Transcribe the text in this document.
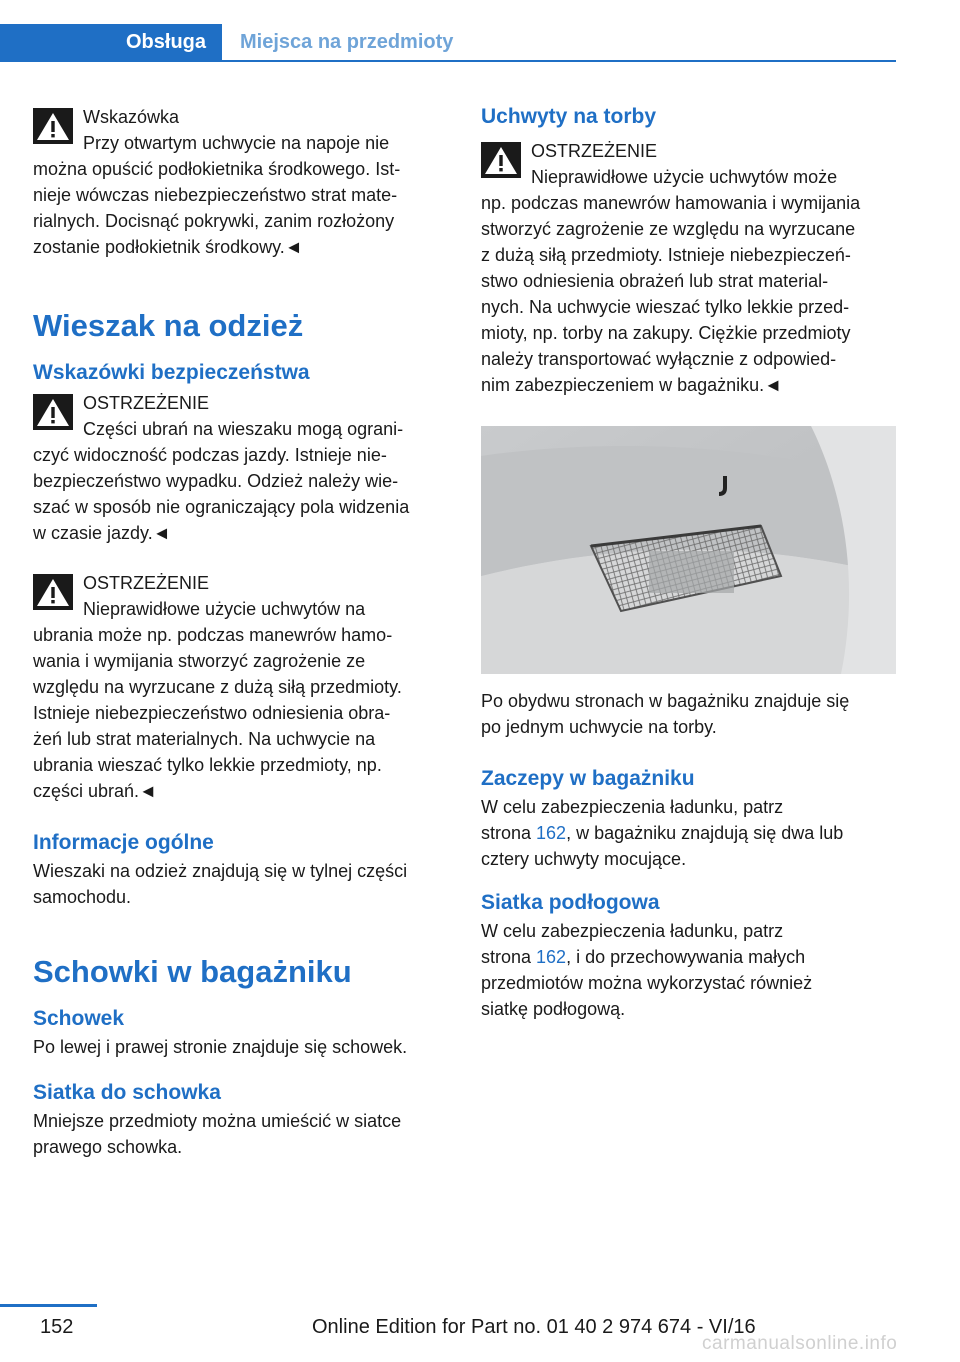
Obsługa	Miejsca na przedmioty
Wskazówka
Przy otwartym uchwycie na napoje nie
można opuścić podłokietnika środkowego. Ist-
nieje wówczas niebezpieczeństwo strat mate-
rialnych. Docisnąć pokrywki, zanim rozłożony
zostanie podłokietnik środkowy.◄
Wieszak na odzież
Wskazówki bezpieczeństwa
OSTRZEŻENIE
Części ubrań na wieszaku mogą ograni-
czyć widoczność podczas jazdy. Istnieje nie-
bezpieczeństwo wypadku. Odzież należy wie-
szać w sposób nie ograniczający pola widzenia
w czasie jazdy.◄
OSTRZEŻENIE
Nieprawidłowe użycie uchwytów na
ubrania może np. podczas manewrów hamo-
wania i wymijania stworzyć zagrożenie ze
względu na wyrzucane z dużą siłą przedmioty.
Istnieje niebezpieczeństwo odniesienia obra-
żeń lub strat materialnych. Na uchwycie na
ubrania wieszać tylko lekkie przedmioty, np.
części ubrań.◄
Informacje ogólne
Wieszaki na odzież znajdują się w tylnej części
samochodu.
Schowki w bagażniku
Schowek

Po lewej i prawej stronie znajduje się schowek.

Siatka do schowka
Mniejsze przedmioty można umieścić w siatce
prawego schowka.
Uchwyty na torby
OSTRZEŻENIE
Nieprawidłowe użycie uchwytów może
np. podczas manewrów hamowania i wymijania
stworzyć zagrożenie ze względu na wyrzucane
z dużą siłą przedmioty. Istnieje niebezpieczeń-
stwo odniesienia obrażeń lub strat material-
nych. Na uchwycie wieszać tylko lekkie przed-
mioty, np. torby na zakupy. Ciężkie przedmioty
należy transportować wyłącznie z odpowied-
nim zabezpieczeniem w bagażniku.◄
Po obydwu stronach w bagażniku znajduje się
po jednym uchwycie na torby.
Zaczepy w bagażniku
W celu zabezpieczenia ładunku, patrz
strona 162, w bagażniku znajdują się dwa lub
cztery uchwyty mocujące.
Siatka podłogowa
W celu zabezpieczenia ładunku, patrz
strona 162, i do przechowywania małych
przedmiotów można wykorzystać również
siatkę podłogową.
152	Online Edition for Part no. 01 40 2 974 674 - VI/16
carmanualsonline.info
